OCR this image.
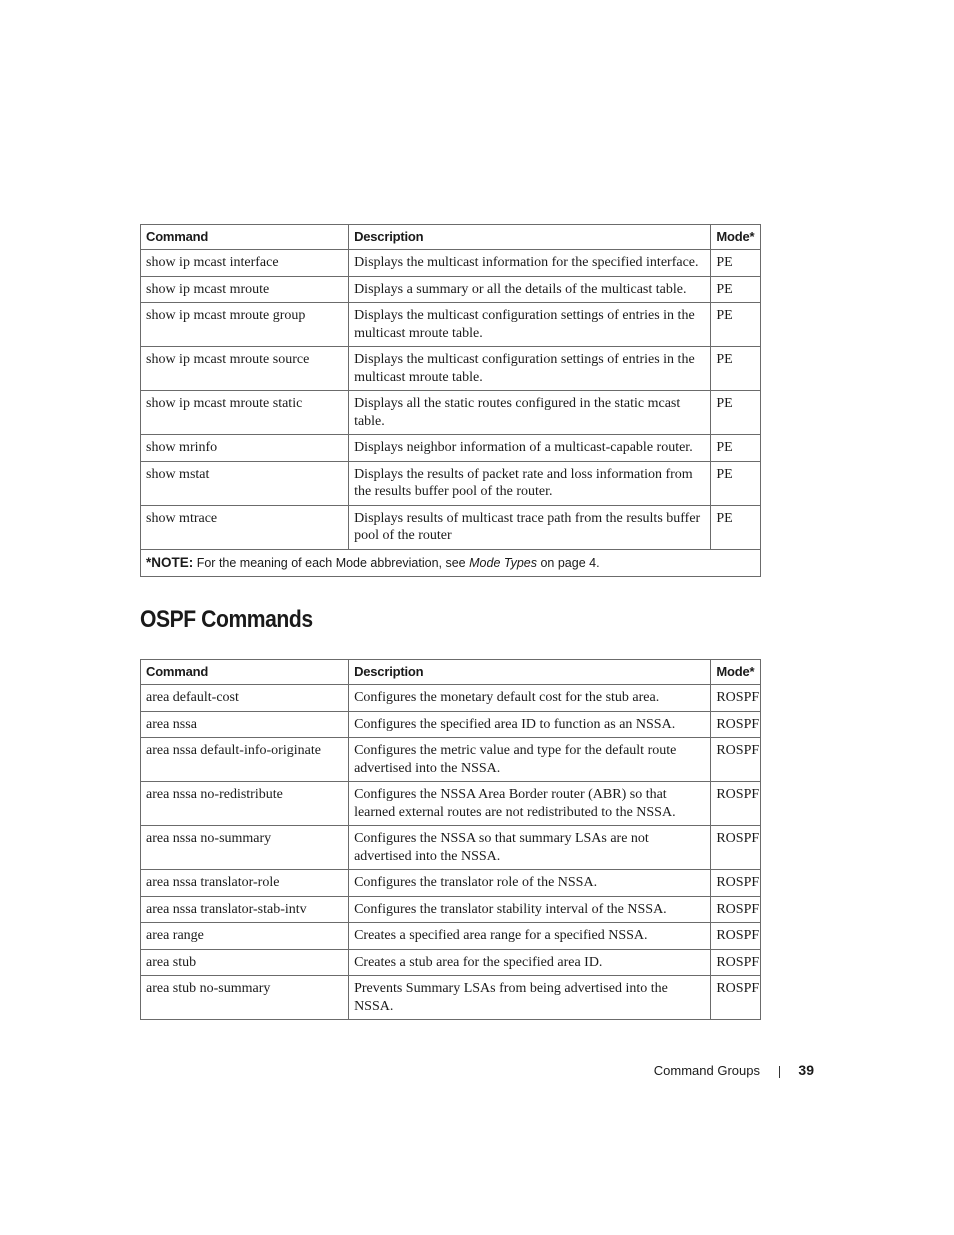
Command	Description	Mode*
show ip mcast interface	Displays the multicast information for the specified interface.	PE
show ip mcast mroute	Displays a summary or all the details of the multicast table.	PE
show ip mcast mroute group	Displays the multicast configuration settings of entries in the multicast mroute table.	PE
show ip mcast mroute source	Displays the multicast configuration settings of entries in the multicast mroute table.	PE
show ip mcast mroute static	Displays all the static routes configured in the static mcast table.	PE
show mrinfo	Displays neighbor information of a multicast-capable router.	PE
show mstat	Displays the results of packet rate and loss information from the results buffer pool of the router.	PE
show mtrace	Displays results of multicast trace path from the results buffer pool of the router	PE
*NOTE: For the meaning of each Mode abbreviation, see Mode Types on page 4.		
OSPF Commands
Command	Description	Mode*
area default-cost	Configures the monetary default cost for the stub area.	ROSPF
area nssa	Configures the specified area ID to function as an NSSA.	ROSPF
area nssa default-info-originate	Configures the metric value and type for the default route advertised into the NSSA.	ROSPF
area nssa no-redistribute	Configures the NSSA Area Border router (ABR) so that learned external routes are not redistributed to the NSSA.	ROSPF
area nssa no-summary	Configures the NSSA so that summary LSAs are not advertised into the NSSA.	ROSPF
area nssa translator-role	Configures the translator role of the NSSA.	ROSPF
area nssa translator-stab-intv	Configures the translator stability interval of the NSSA.	ROSPF
area range	Creates a specified area range for a specified NSSA.	ROSPF
area stub	Creates a stub area for the specified area ID.	ROSPF
area stub no-summary	Prevents Summary LSAs from being advertised into the NSSA.	ROSPF
Command Groups	39
